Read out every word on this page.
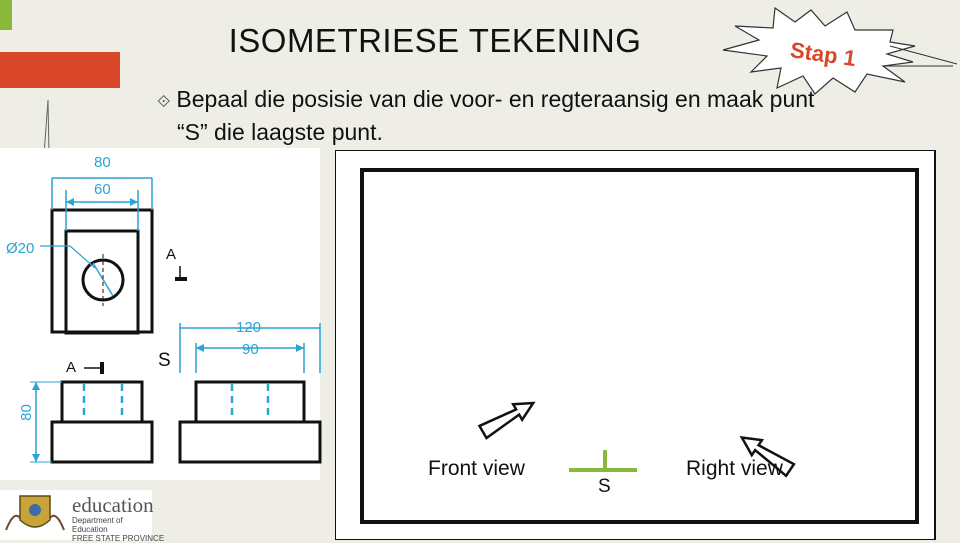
ISOMETRIESE TEKENING	Stap 1
⟐ Bepaal die posisie van die voor- en regteraansig en maak punt
“S” die laagste punt.
80
60
Ø20
120
90
80
A
A	S
Front view	Right view
S
education
Department of
Education
FREE STATE PROVINCE
